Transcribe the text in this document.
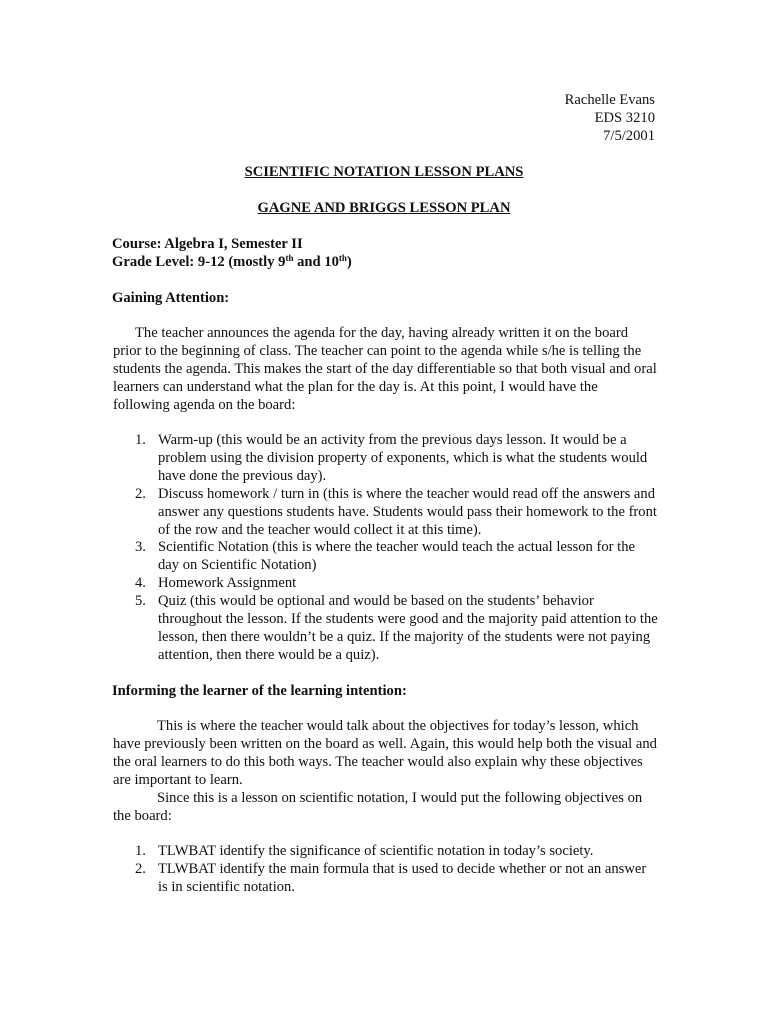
Rachelle Evans
EDS 3210
7/5/2001
SCIENTIFIC NOTATION LESSON PLANS
GAGNE AND BRIGGS LESSON PLAN
Course: Algebra I, Semester II
Grade Level: 9-12 (mostly 9th and 10th)
Gaining Attention:

The teacher announces the agenda for the day, having already written it on the board prior to the beginning of class. The teacher can point to the agenda while s/he is telling the students the agenda. This makes the start of the day differentiable so that both visual and oral learners can understand what the plan for the day is. At this point, I would have the following agenda on the board:

1. Warm-up (this would be an activity from the previous days lesson. It would be a problem using the division property of exponents, which is what the students would have done the previous day).
2. Discuss homework / turn in (this is where the teacher would read off the answers and answer any questions students have. Students would pass their homework to the front of the row and the teacher would collect it at this time).
3. Scientific Notation (this is where the teacher would teach the actual lesson for the day on Scientific Notation)
4. Homework Assignment
5. Quiz (this would be optional and would be based on the students’ behavior throughout the lesson. If the students were good and the majority paid attention to the lesson, then there wouldn’t be a quiz. If the majority of the students were not paying attention, then there would be a quiz).
Informing the learner of the learning intention:

This is where the teacher would talk about the objectives for today’s lesson, which have previously been written on the board as well. Again, this would help both the visual and the oral learners to do this both ways. The teacher would also explain why these objectives are important to learn.

Since this is a lesson on scientific notation, I would put the following objectives on the board:

1. TLWBAT identify the significance of scientific notation in today’s society.
2. TLWBAT identify the main formula that is used to decide whether or not an answer is in scientific notation.
